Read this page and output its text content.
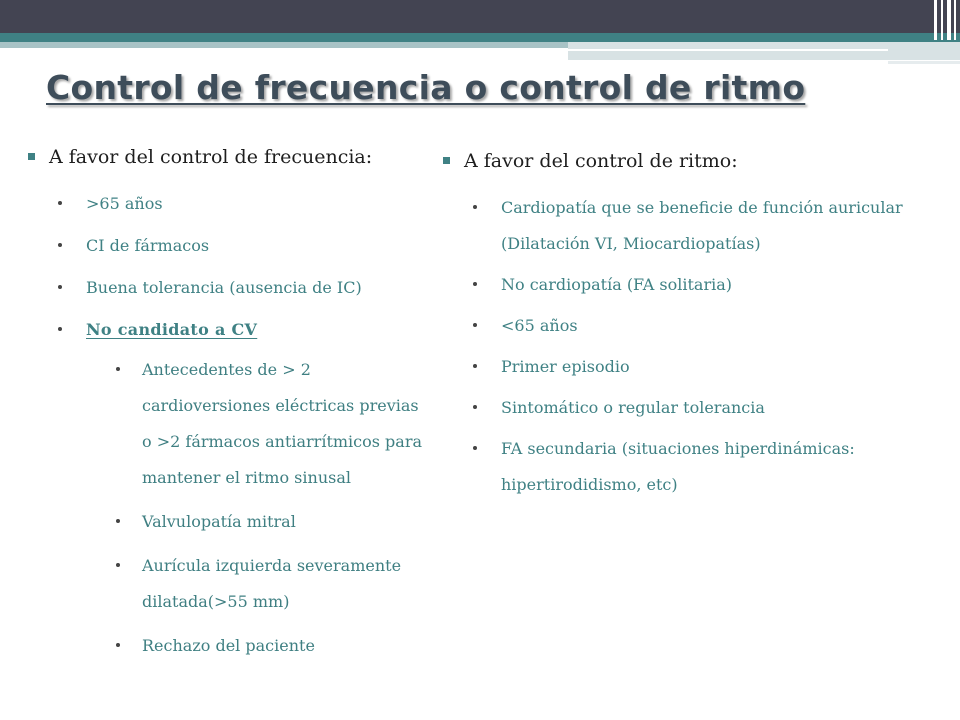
Control de frecuencia o control de ritmo
A favor del control de frecuencia:
>65 años
CI de fármacos
Buena tolerancia (ausencia de IC)
No candidato a CV
Antecedentes de > 2 cardioversiones eléctricas previas o >2 fármacos antiarrítmicos para mantener el ritmo sinusal
Valvulopatía mitral
Aurícula izquierda severamente dilatada(>55 mm)
Rechazo del paciente
A favor del control de ritmo:
Cardiopatía que se beneficie de función auricular (Dilatación VI, Miocardiopatías)
No cardiopatía (FA solitaria)
<65 años
Primer episodio
Sintomático o regular tolerancia
FA secundaria (situaciones hiperdinámicas: hipertirodidismo, etc)
